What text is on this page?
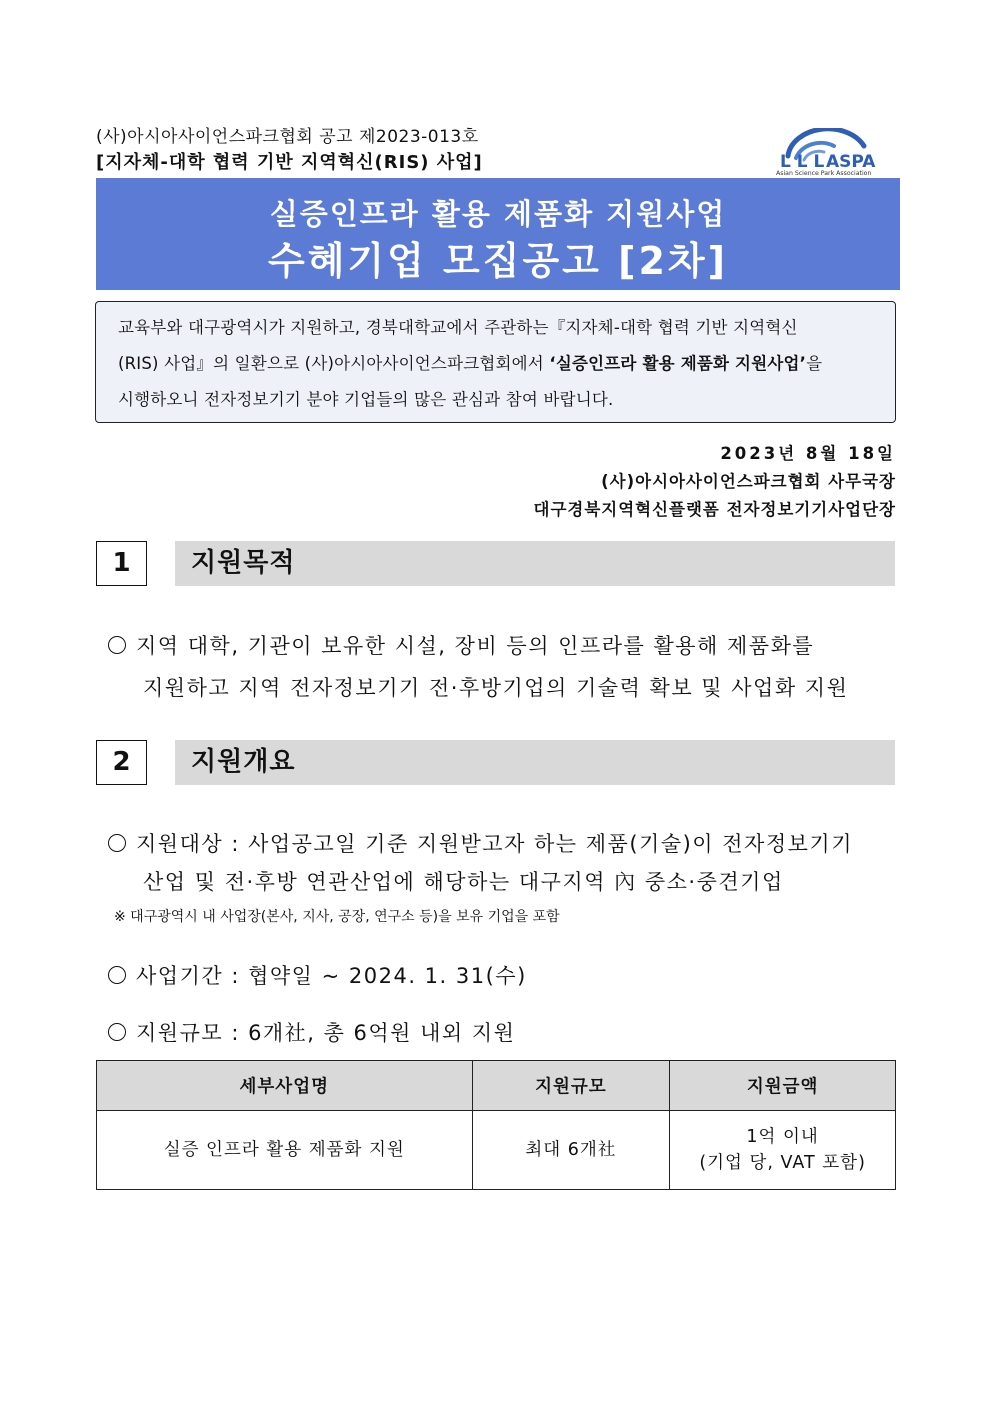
(사)아시아사이언스파크협회 공고 제2023-013호
[지자체-대학 협력 기반 지역혁신(RIS) 사업]	L L L ASPA
Asian Science Park Association
실증인프라 활용 제품화 지원사업
수혜기업 모집공고 [2차]
교육부와 대구광역시가 지원하고, 경북대학교에서 주관하는『지자체-대학 협력 기반 지역혁신
(RIS) 사업』의 일환으로 (사)아시아사이언스파크협회에서 ‘실증인프라 활용 제품화 지원사업’을
시행하오니 전자정보기기 분야 기업들의 많은 관심과 참여 바랍니다.
2023년 8월 18일
(사)아시아사이언스파크협회 사무국장
대구경북지역혁신플랫폼 전자정보기기사업단장
1	지원목적
지역 대학, 기관이 보유한 시설, 장비 등의 인프라를 활용해 제품화를
지원하고 지역 전자정보기기 전·후방기업의 기술력 확보 및 사업화 지원
2	지원개요
지원대상 : 사업공고일 기준 지원받고자 하는 제품(기술)이 전자정보기기
산업 및 전·후방 연관산업에 해당하는 대구지역 內 중소·중견기업
※ 대구광역시 내 사업장(본사, 지사, 공장, 연구소 등)을 보유 기업을 포함
사업기간 : 협약일 ~ 2024. 1. 31(수)
지원규모 : 6개社, 총 6억원 내외 지원
세부사업명	지원규모	지원금액
실증 인프라 활용 제품화 지원	최대 6개社	1억 이내
(기업 당, VAT 포함)
